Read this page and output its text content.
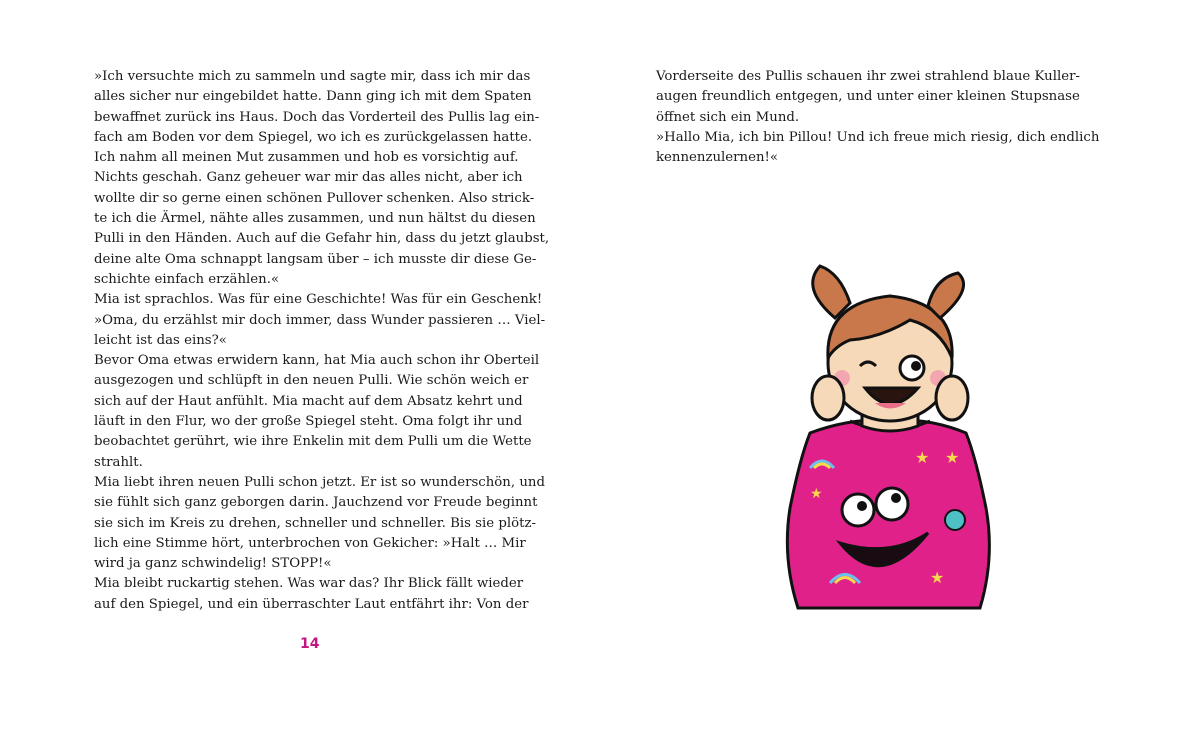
»Ich versuchte mich zu sammeln und sagte mir, dass ich mir das
alles sicher nur eingebildet hatte. Dann ging ich mit dem Spaten
bewaffnet zurück ins Haus. Doch das Vorderteil des Pullis lag ein-
fach am Boden vor dem Spiegel, wo ich es zurückgelassen hatte.
Ich nahm all meinen Mut zusammen und hob es vorsichtig auf.
Nichts geschah. Ganz geheuer war mir das alles nicht, aber ich
wollte dir so gerne einen schönen Pullover schenken. Also strick-
te ich die Ärmel, nähte alles zusammen, und nun hältst du diesen
Pulli in den Händen. Auch auf die Gefahr hin, dass du jetzt glaubst,
deine alte Oma schnappt langsam über – ich musste dir diese Ge-
schichte einfach erzählen.«
Mia ist sprachlos. Was für eine Geschichte! Was für ein Geschenk!
»Oma, du erzählst mir doch immer, dass Wunder passieren … Viel-
leicht ist das eins?«
Bevor Oma etwas erwidern kann, hat Mia auch schon ihr Oberteil
ausgezogen und schlüpft in den neuen Pulli. Wie schön weich er
sich auf der Haut anfühlt. Mia macht auf dem Absatz kehrt und
läuft in den Flur, wo der große Spiegel steht. Oma folgt ihr und
beobachtet gerührt, wie ihre Enkelin mit dem Pulli um die Wette
strahlt.
Mia liebt ihren neuen Pulli schon jetzt. Er ist so wunderschön, und
sie fühlt sich ganz geborgen darin. Jauchzend vor Freude beginnt
sie sich im Kreis zu drehen, schneller und schneller. Bis sie plötz-
lich eine Stimme hört, unterbrochen von Gekicher: »Halt … Mir
wird ja ganz schwindelig! STOPP!«
Mia bleibt ruckartig stehen. Was war das? Ihr Blick fällt wieder
auf den Spiegel, und ein überraschter Laut entfährt ihr: Von der
14
Vorderseite des Pullis schauen ihr zwei strahlend blaue Kuller-
augen freundlich entgegen, und unter einer kleinen Stupsnase
öffnet sich ein Mund.
»Hallo Mia, ich bin Pillou! Und ich freue mich riesig, dich endlich
kennenzulernen!«
★ ★
★
★
